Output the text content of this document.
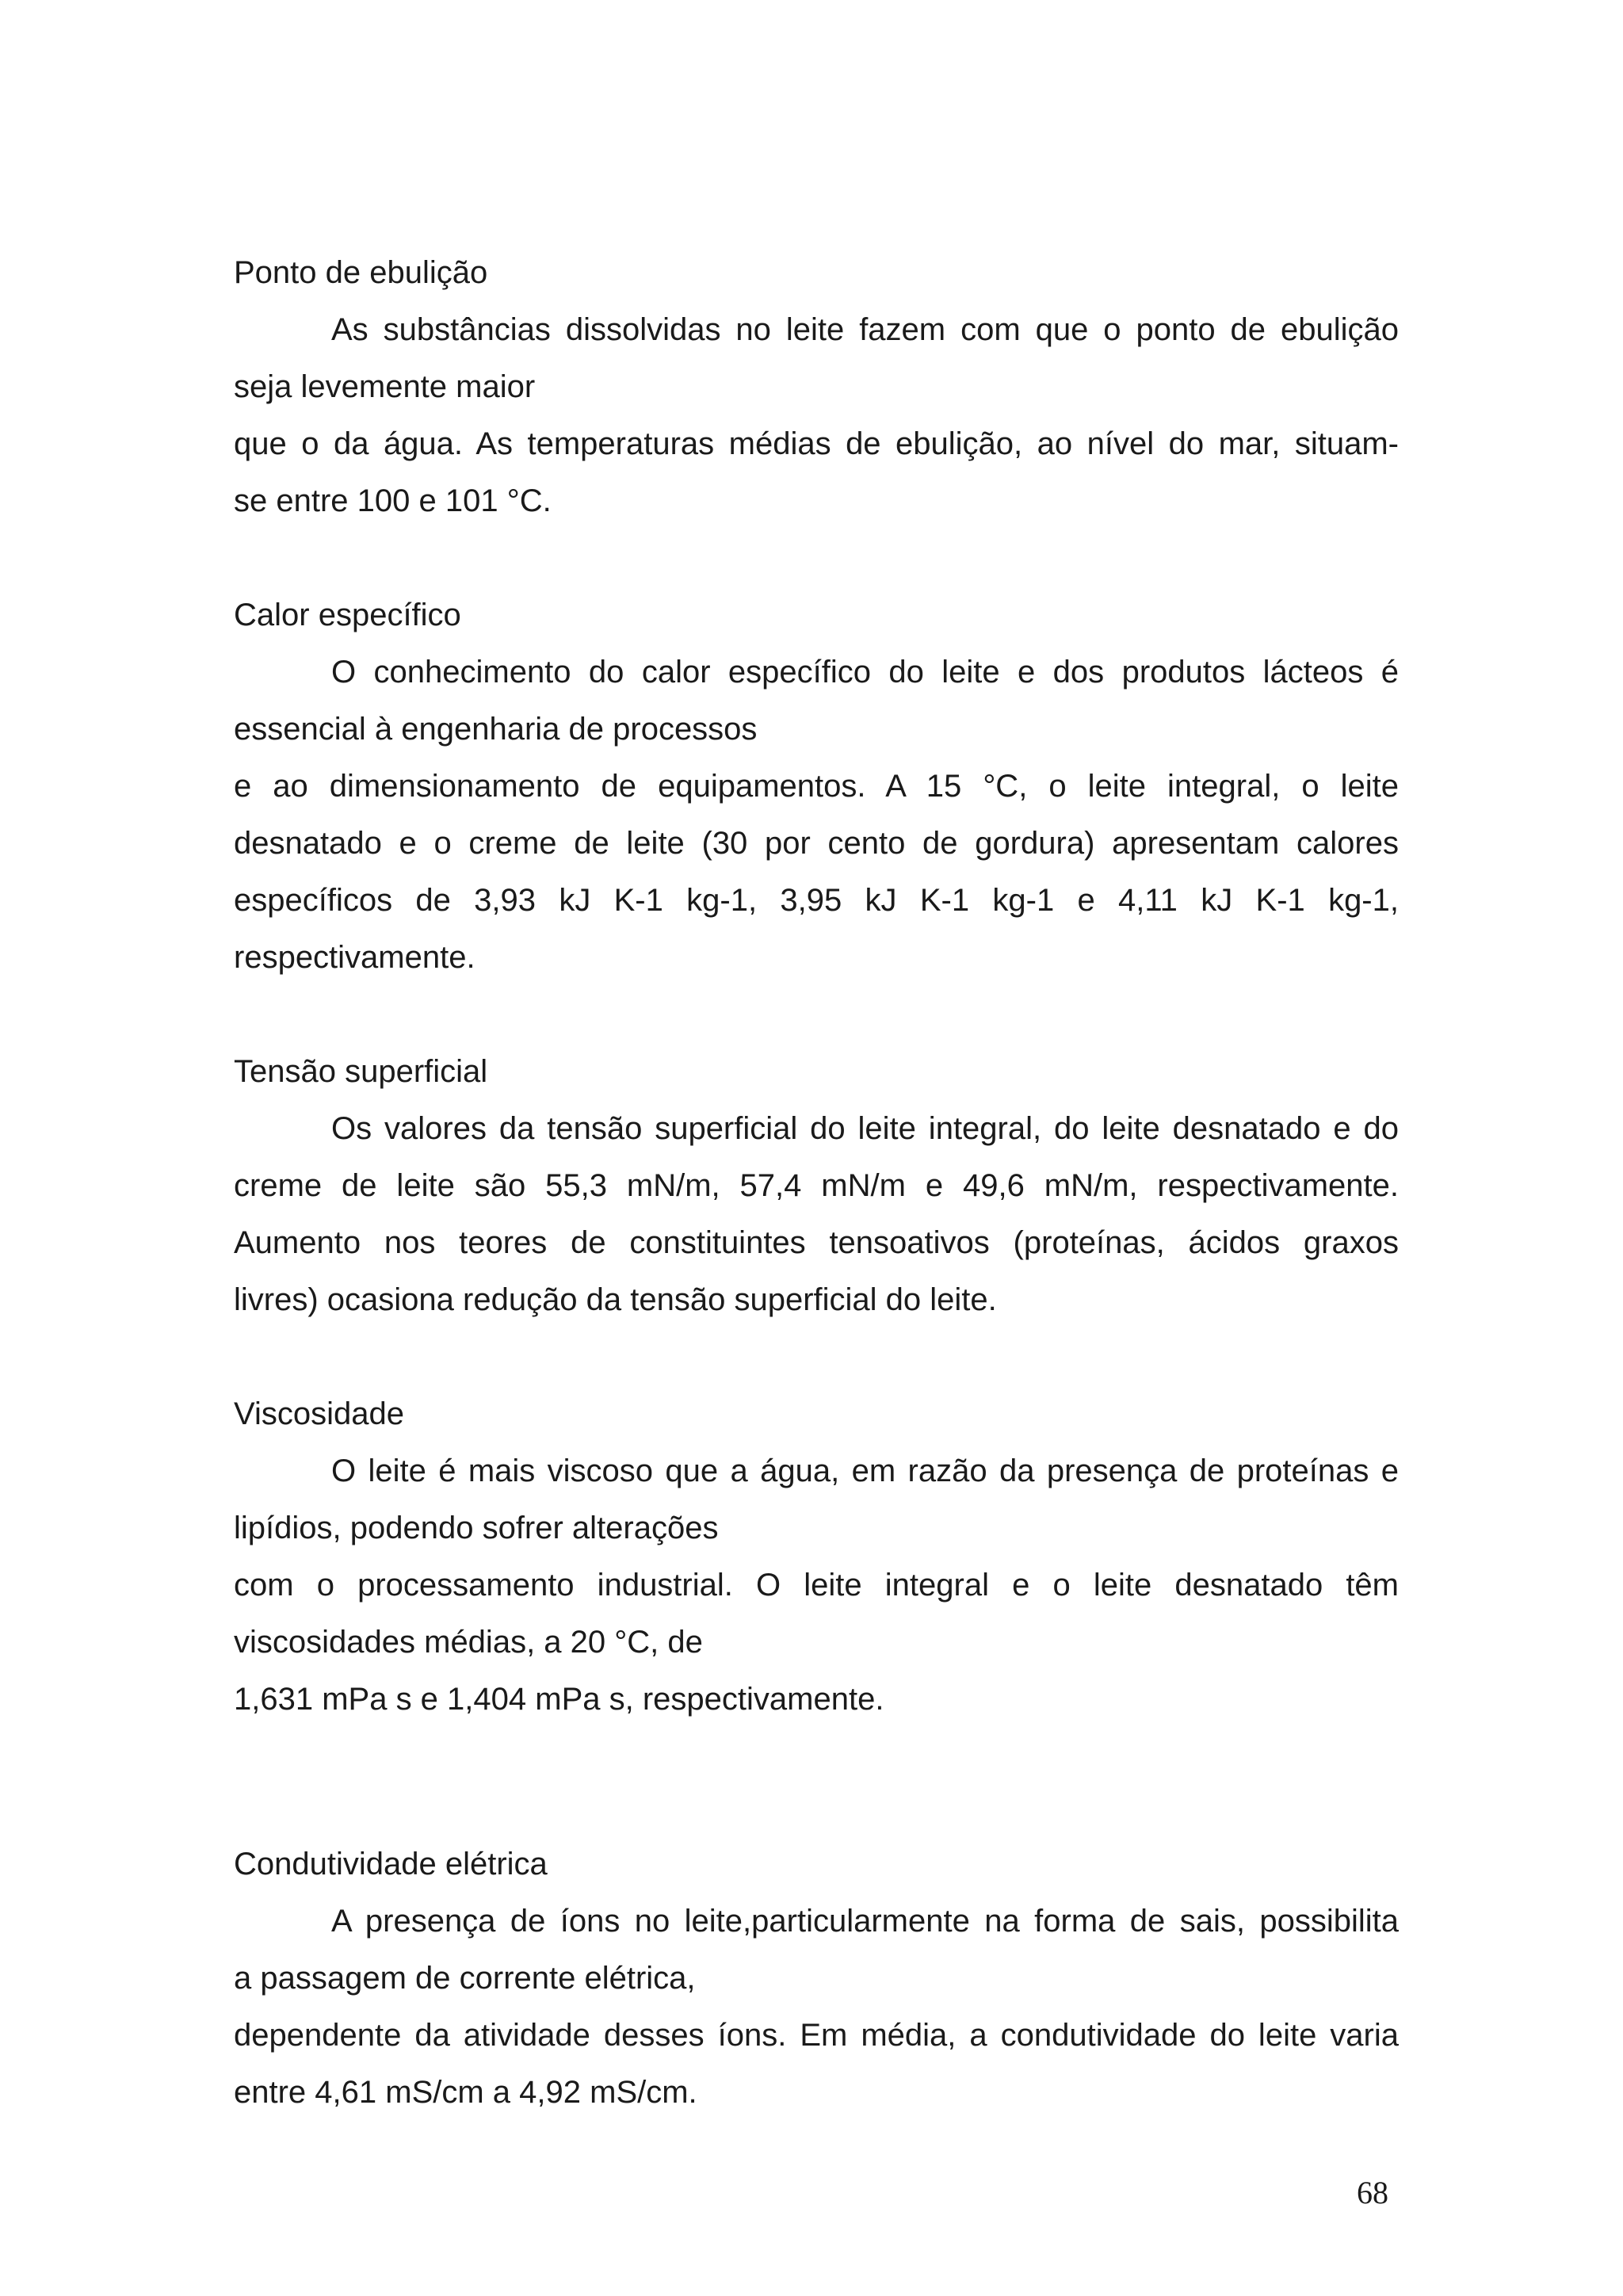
Ponto de ebulição
As substâncias dissolvidas no leite fazem com que o ponto de ebulição
seja levemente maior
que o da água. As temperaturas médias de ebulição, ao nível do mar, situam-
se entre 100 e 101 °C.
Calor específico
O conhecimento do calor específico do leite e dos produtos lácteos é
essencial à engenharia de processos
e ao dimensionamento de equipamentos. A 15 °C, o leite integral, o leite
desnatado e o creme de leite (30 por cento de gordura) apresentam calores
específicos de 3,93 kJ K-1 kg-1, 3,95 kJ K-1 kg-1 e 4,11 kJ K-1 kg-1,
respectivamente.
Tensão superficial
Os valores da tensão superficial do leite integral, do leite desnatado e do
creme de leite são 55,3 mN/m, 57,4 mN/m e 49,6 mN/m, respectivamente.
Aumento nos teores de constituintes tensoativos (proteínas, ácidos graxos
livres) ocasiona redução da tensão superficial do leite.
Viscosidade
O leite é mais viscoso que a água, em razão da presença de proteínas e
lipídios, podendo sofrer alterações
com o processamento industrial. O leite integral e o leite desnatado têm
viscosidades médias, a 20 °C, de
1,631 mPa s e 1,404 mPa s, respectivamente.
Condutividade elétrica
A presença de íons no leite,particularmente na forma de sais, possibilita
a passagem de corrente elétrica,
dependente da atividade desses íons. Em média, a condutividade do leite varia
entre 4,61 mS/cm a 4,92 mS/cm.
68
